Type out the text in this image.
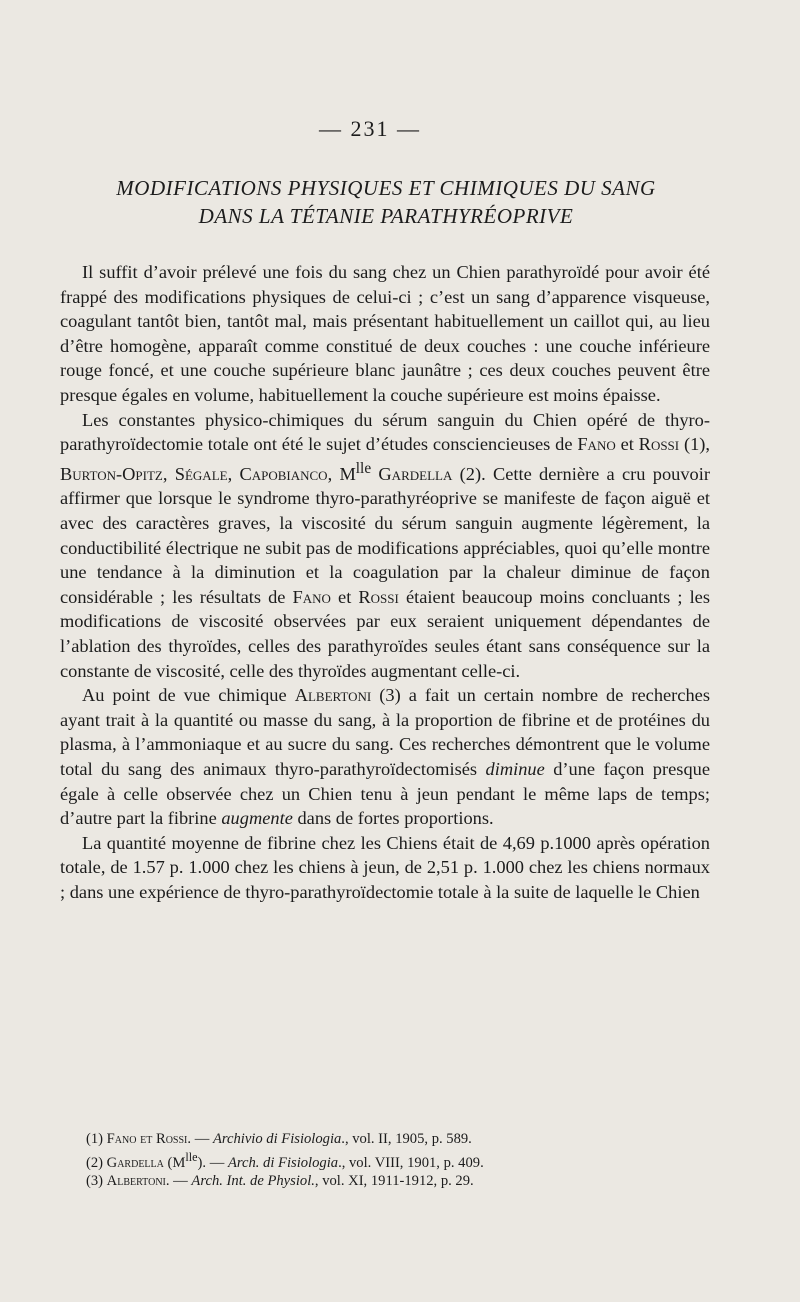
— 231 —
MODIFICATIONS PHYSIQUES ET CHIMIQUES DU SANG
DANS LA TÉTANIE PARATHYRÉOPRIVE

Il suffit d’avoir prélevé une fois du sang chez un Chien parathyroïdé pour avoir été frappé des modifications physiques de celui-ci ; c’est un sang d’apparence visqueuse, coagulant tantôt bien, tantôt mal, mais présentant habituellement un caillot qui, au lieu d’être homogène, apparaît comme constitué de deux couches : une couche inférieure rouge foncé, et une couche supérieure blanc jaunâtre ; ces deux couches peuvent être presque égales en volume, habituellement la couche supérieure est moins épaisse.

Les constantes physico-chimiques du sérum sanguin du Chien opéré de thyro-parathyroïdectomie totale ont été le sujet d’études consciencieuses de Fano et Rossi (1), Burton-Opitz, Ségale, Capobianco, $M^{lle}$ Gardella (2). Cette dernière a cru pouvoir affirmer que lorsque le syndrome thyro-parathyréoprive se manifeste de façon aiguë et avec des caractères graves, la viscosité du sérum sanguin augmente légèrement, la conductibilité électrique ne subit pas de modifications appréciables, quoi qu’elle montre une tendance à la diminution et la coagulation par la chaleur diminue de façon considérable ; les résultats de Fano et Rossi étaient beaucoup moins concluants ; les modifications de viscosité observées par eux seraient uniquement dépendantes de l’ablation des thyroïdes, celles des parathyroïdes seules étant sans conséquence sur la constante de viscosité, celle des thyroïdes augmentant celle-ci.

Au point de vue chimique Albertoni (3) a fait un certain nombre de recherches ayant trait à la quantité ou masse du sang, à la proportion de fibrine et de protéines du plasma, à l’ammoniaque et au sucre du sang. Ces recherches démontrent que le volume total du sang des animaux thyro-parathyroïdectomisés diminue d’une façon presque égale à celle observée chez un Chien tenu à jeun pendant le même laps de temps; d’autre part la fibrine augmente dans de fortes proportions.

La quantité moyenne de fibrine chez les Chiens était de 4,69 p.1000 après opération totale, de 1.57 p. 1.000 chez les chiens à jeun, de 2,51 p. 1.000 chez les chiens normaux ; dans une expérience de thyro-parathyroïdectomie totale à la suite de laquelle le Chien

(1) Fano et Rossi. — Archivio di Fisiologia., vol. II, 1905, p. 589.
(2) Gardella $(M^{lle})$. — Arch. di Fisiologia., vol. VIII, 1901, p. 409.
(3) Albertoni. — Arch. Int. de Physiol., vol. XI, 1911-1912, p. 29.
